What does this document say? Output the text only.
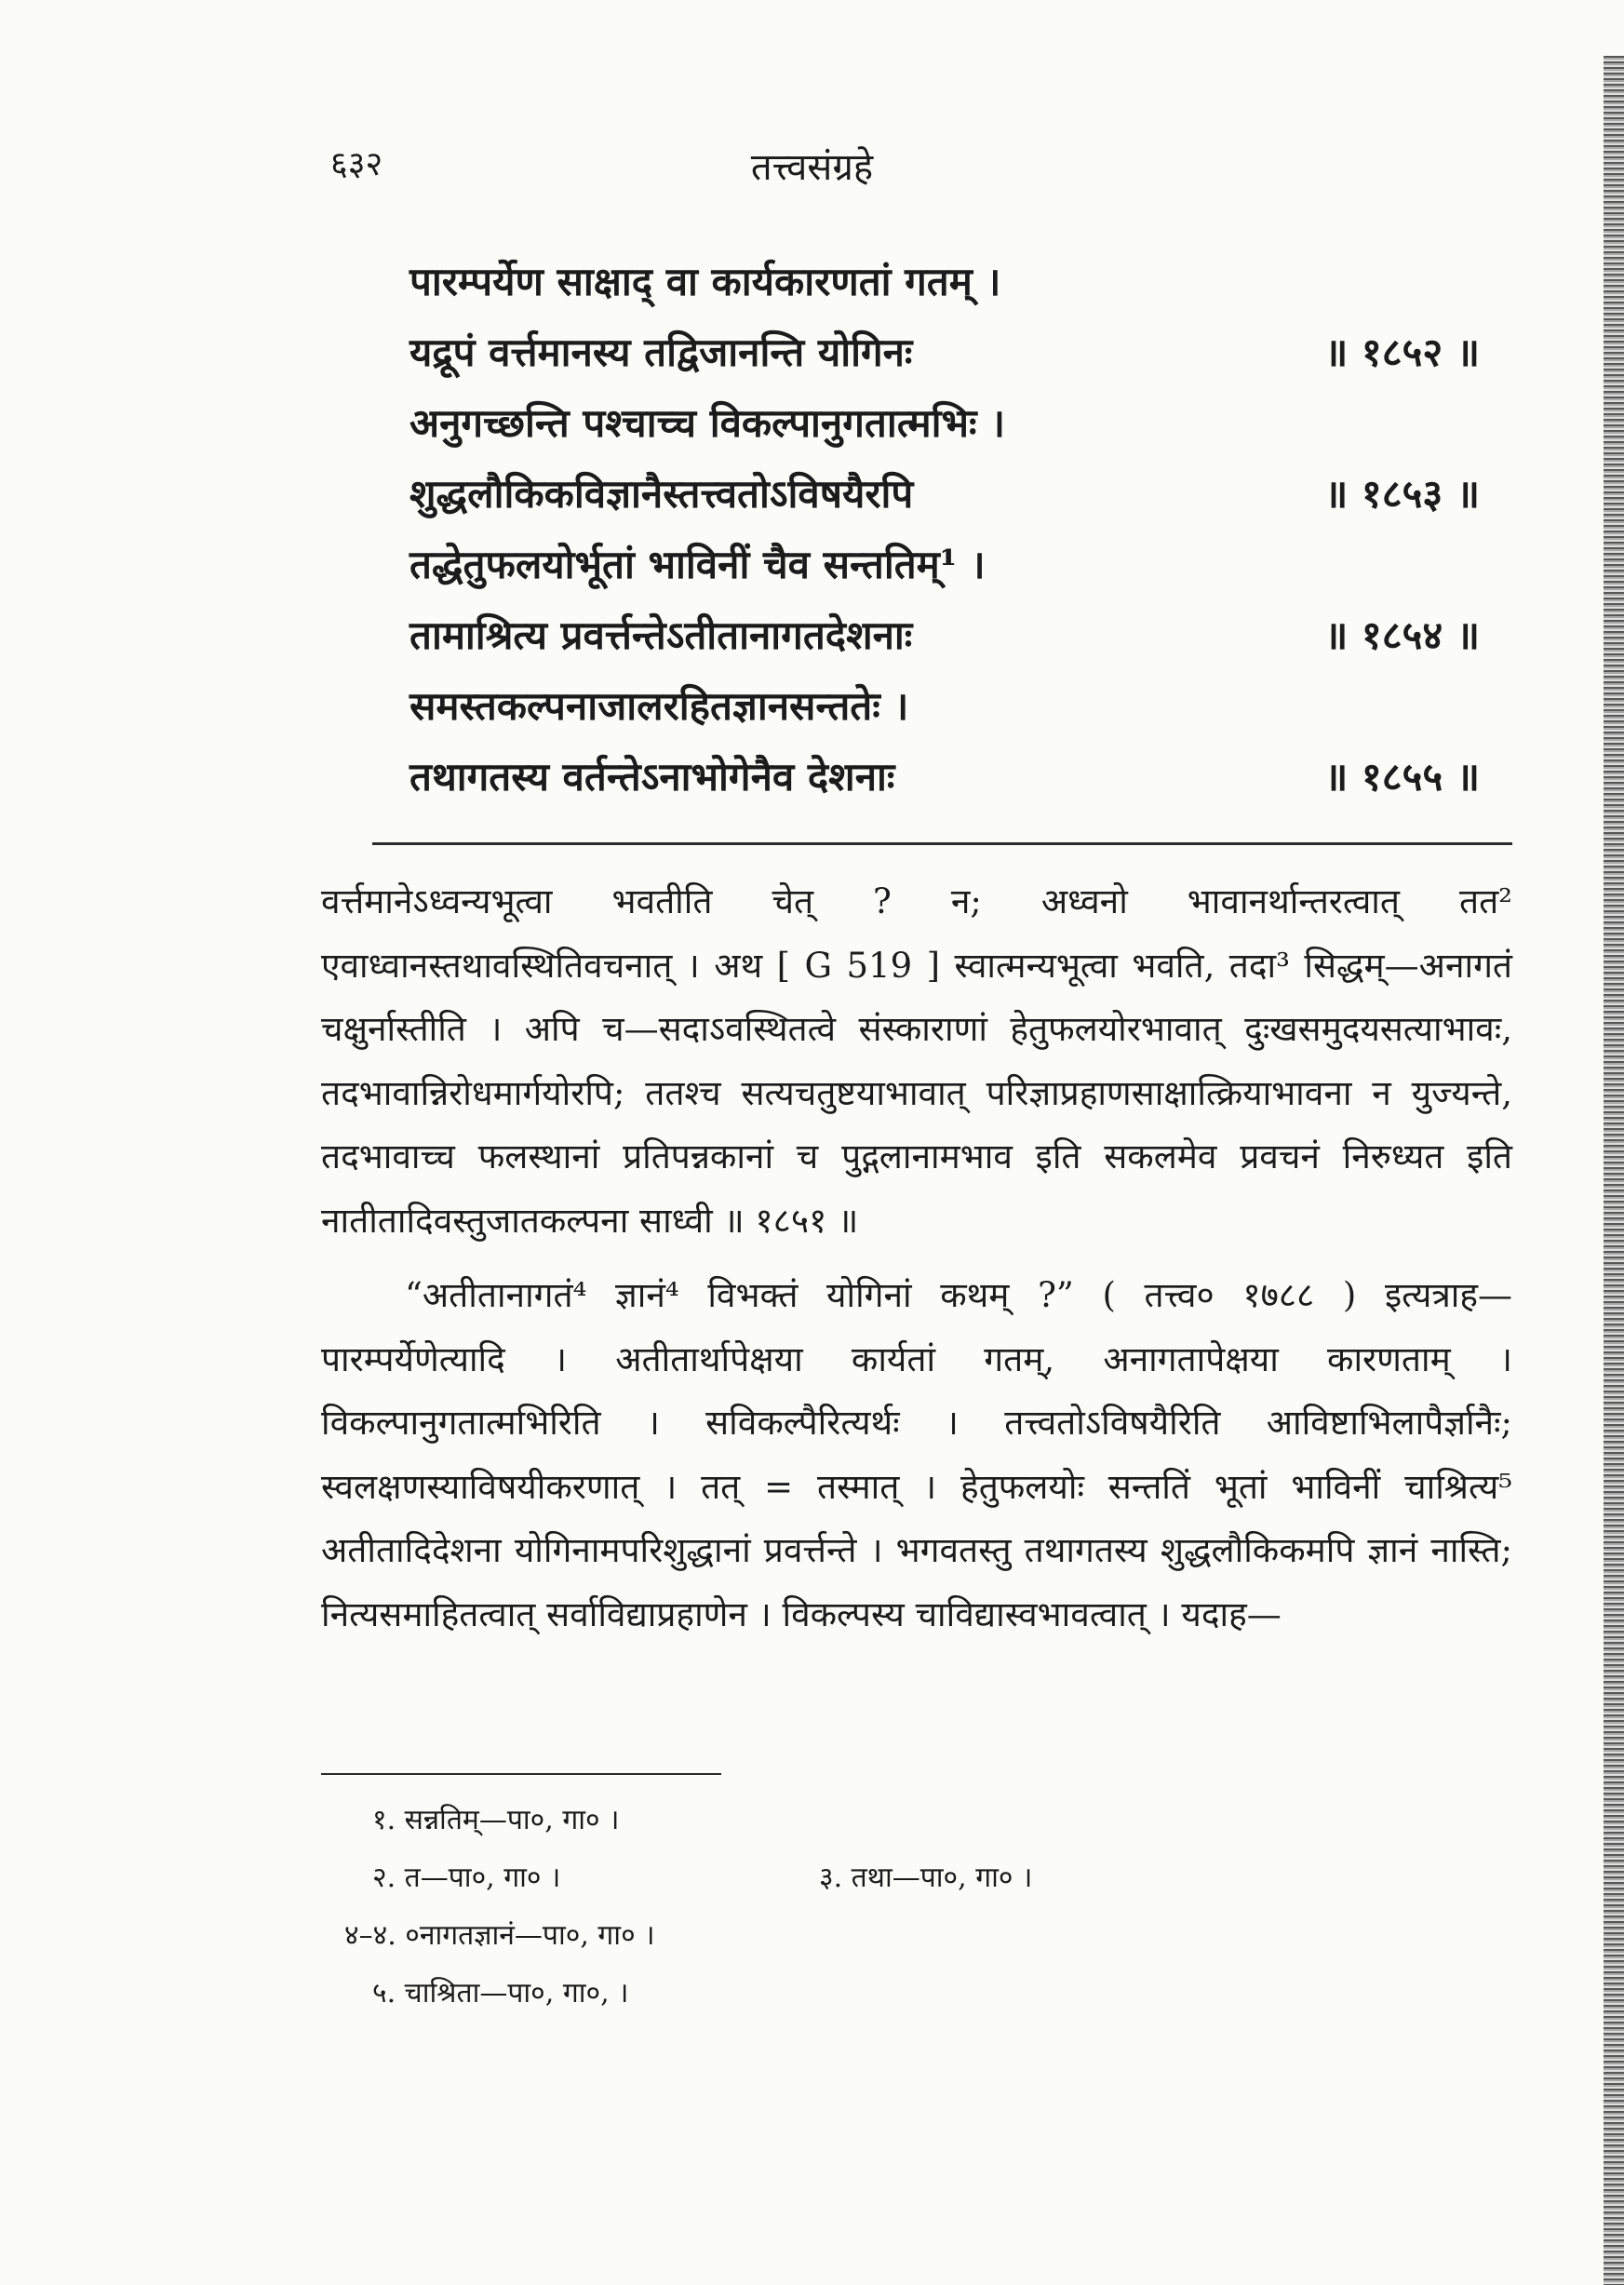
६३२	तत्त्वसंग्रहे
पारम्पर्येण साक्षाद् वा कार्यकारणतां गतम् ।
यद्रूपं वर्त्तमानस्य तद्विजानन्ति योगिनः	॥ १८५२ ॥
अनुगच्छन्ति पश्चाच्च विकल्पानुगतात्मभिः ।
शुद्धलौकिकविज्ञानैस्तत्त्वतोऽविषयैरपि	॥ १८५३ ॥
तद्धेतुफलयोर्भूतां भाविनीं चैव सन्ततिम्¹ ।
तामाश्रित्य प्रवर्त्तन्तेऽतीतानागतदेशनाः	॥ १८५४ ॥
समस्तकल्पनाजालरहितज्ञानसन्ततेः ।
तथागतस्य वर्तन्तेऽनाभोगेनैव देशनाः	॥ १८५५ ॥

वर्त्तमानेऽध्वन्यभूत्वा भवतीति चेत् ? न; अध्वनो भावानर्थान्तरत्वात् तत² एवाध्वानस्तथावस्थितिवचनात् । अथ [ G 519 ] स्वात्मन्यभूत्वा भवति, तदा³ सिद्धम्—अनागतं चक्षुर्नास्तीति । अपि च—सदाऽवस्थितत्वे संस्काराणां हेतुफलयोरभावात् दुःखसमुदयसत्याभावः, तदभावान्निरोधमार्गयोरपि; ततश्च सत्यचतुष्टयाभावात् परिज्ञाप्रहाणसाक्षात्क्रियाभावना न युज्यन्ते, तदभावाच्च फलस्थानां प्रतिपन्नकानां च पुद्गलानामभाव इति सकलमेव प्रवचनं निरुध्यत इति नातीतादिवस्तुजातकल्पना साध्वी ॥ १८५१ ॥

“अतीतानागतं⁴ ज्ञानं⁴ विभक्तं योगिनां कथम् ?” ( तत्त्व० १७८८ ) इत्यत्राह—पारम्पर्येणेत्यादि । अतीतार्थापेक्षया कार्यतां गतम्, अनागतापेक्षया कारणताम् । विकल्पानुगतात्मभिरिति । सविकल्पैरित्यर्थः । तत्त्वतोऽविषयैरिति आविष्टाभिलापैर्ज्ञानैः; स्वलक्षणस्याविषयीकरणात् । तत् = तस्मात् । हेतुफलयोः सन्ततिं भूतां भाविनीं चाश्रित्य⁵ अतीतादिदेशना योगिनामपरिशुद्धानां प्रवर्त्तन्ते । भगवतस्तु तथागतस्य शुद्धलौकिकमपि ज्ञानं नास्ति; नित्यसमाहितत्वात् सर्वाविद्याप्रहाणेन । विकल्पस्य चाविद्यास्वभावत्वात् । यदाह—

१. सन्नतिम्—पा०, गा० ।
२. त—पा०, गा० ।	३. तथा—पा०, गा० ।
४–४. ०नागतज्ञानं—पा०, गा० ।
५. चाश्रिता—पा०, गा०, ।
